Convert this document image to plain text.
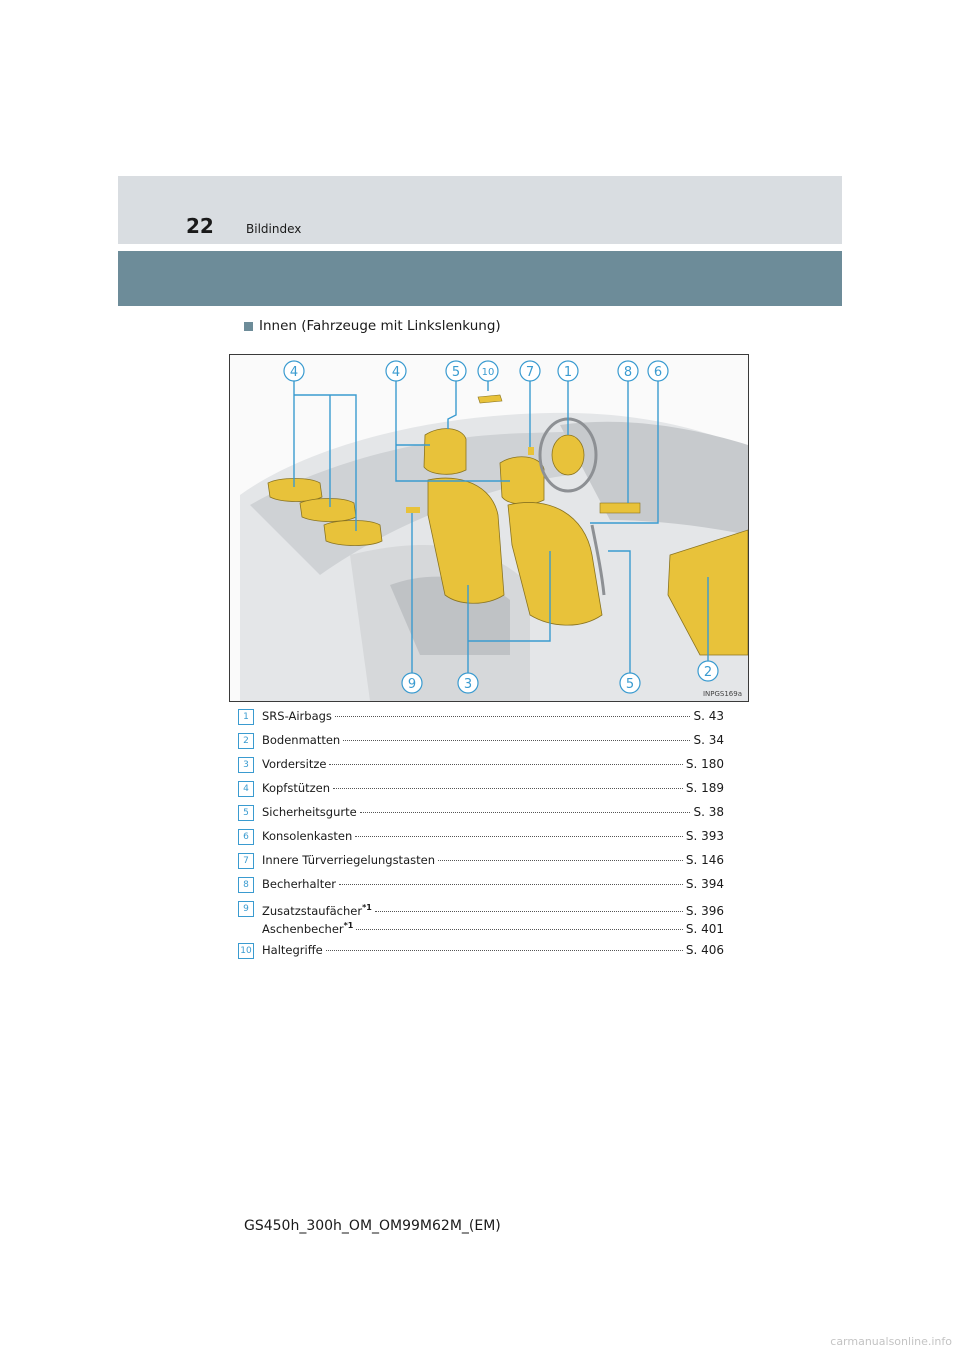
22	Bildindex
Innen (Fahrzeuge mit Linkslenkung)
4	4	5 10 7 1	8 6
9	3	5
2
INPGS169a
1	SRS-Airbags	S. 43
2	Bodenmatten	S. 34
3	Vordersitze	S. 180
4	Kopfstützen	S. 189
5	Sicherheitsgurte	S. 38
6	Konsolenkasten	S. 393
7	Innere Türverriegelungstasten	S. 146
8	Becherhalter	S. 394
9	Zusatzstaufächer$^{*1}$	S. 396
Aschenbecher$^{*1}$	S. 401
10 Haltegriffe	S. 406
GS450h_300h_OM_OM99M62M_(EM)
carmanualsonline.info
